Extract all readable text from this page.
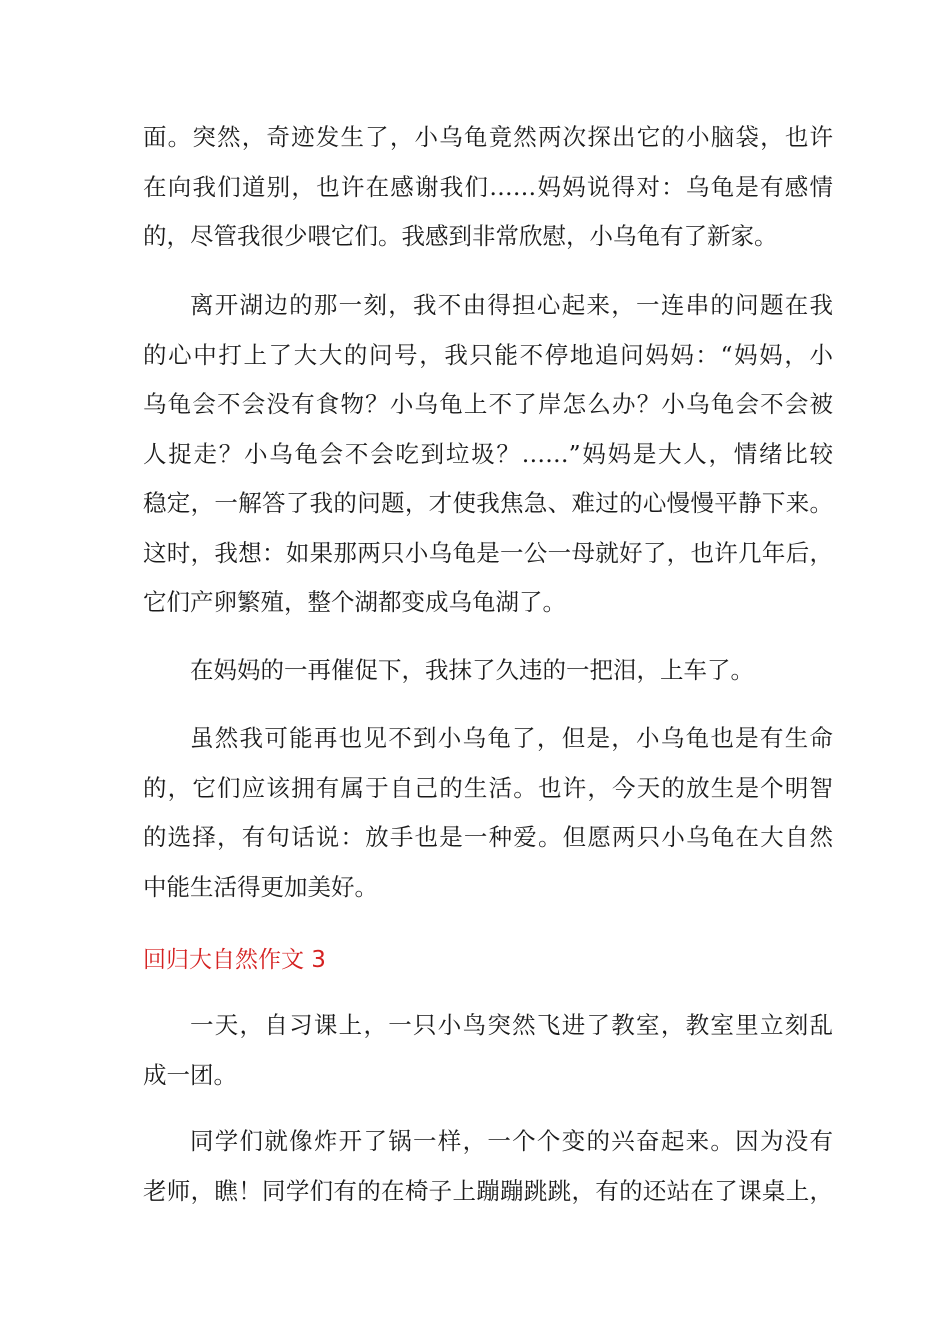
面。突然，奇迹发生了，小乌龟竟然两次探出它的小脑袋，也许
在向我们道别，也许在感谢我们……妈妈说得对：乌龟是有感情
的，尽管我很少喂它们。我感到非常欣慰，小乌龟有了新家。
离开湖边的那一刻，我不由得担心起来，一连串的问题在我
的心中打上了大大的问号，我只能不停地追问妈妈：“妈妈，小
乌龟会不会没有食物？小乌龟上不了岸怎么办？小乌龟会不会被
人捉走？小乌龟会不会吃到垃圾？……”妈妈是大人，情绪比较
稳定，一解答了我的问题，才使我焦急、难过的心慢慢平静下来。
这时，我想：如果那两只小乌龟是一公一母就好了，也许几年后，
它们产卵繁殖，整个湖都变成乌龟湖了。
在妈妈的一再催促下，我抹了久违的一把泪，上车了。
虽然我可能再也见不到小乌龟了，但是，小乌龟也是有生命
的，它们应该拥有属于自己的生活。也许，今天的放生是个明智
的选择，有句话说：放手也是一种爱。但愿两只小乌龟在大自然
中能生活得更加美好。
回归大自然作文 3
一天，自习课上，一只小鸟突然飞进了教室，教室里立刻乱
成一团。
同学们就像炸开了锅一样，一个个变的兴奋起来。因为没有
老师，瞧！同学们有的在椅子上蹦蹦跳跳，有的还站在了课桌上，
